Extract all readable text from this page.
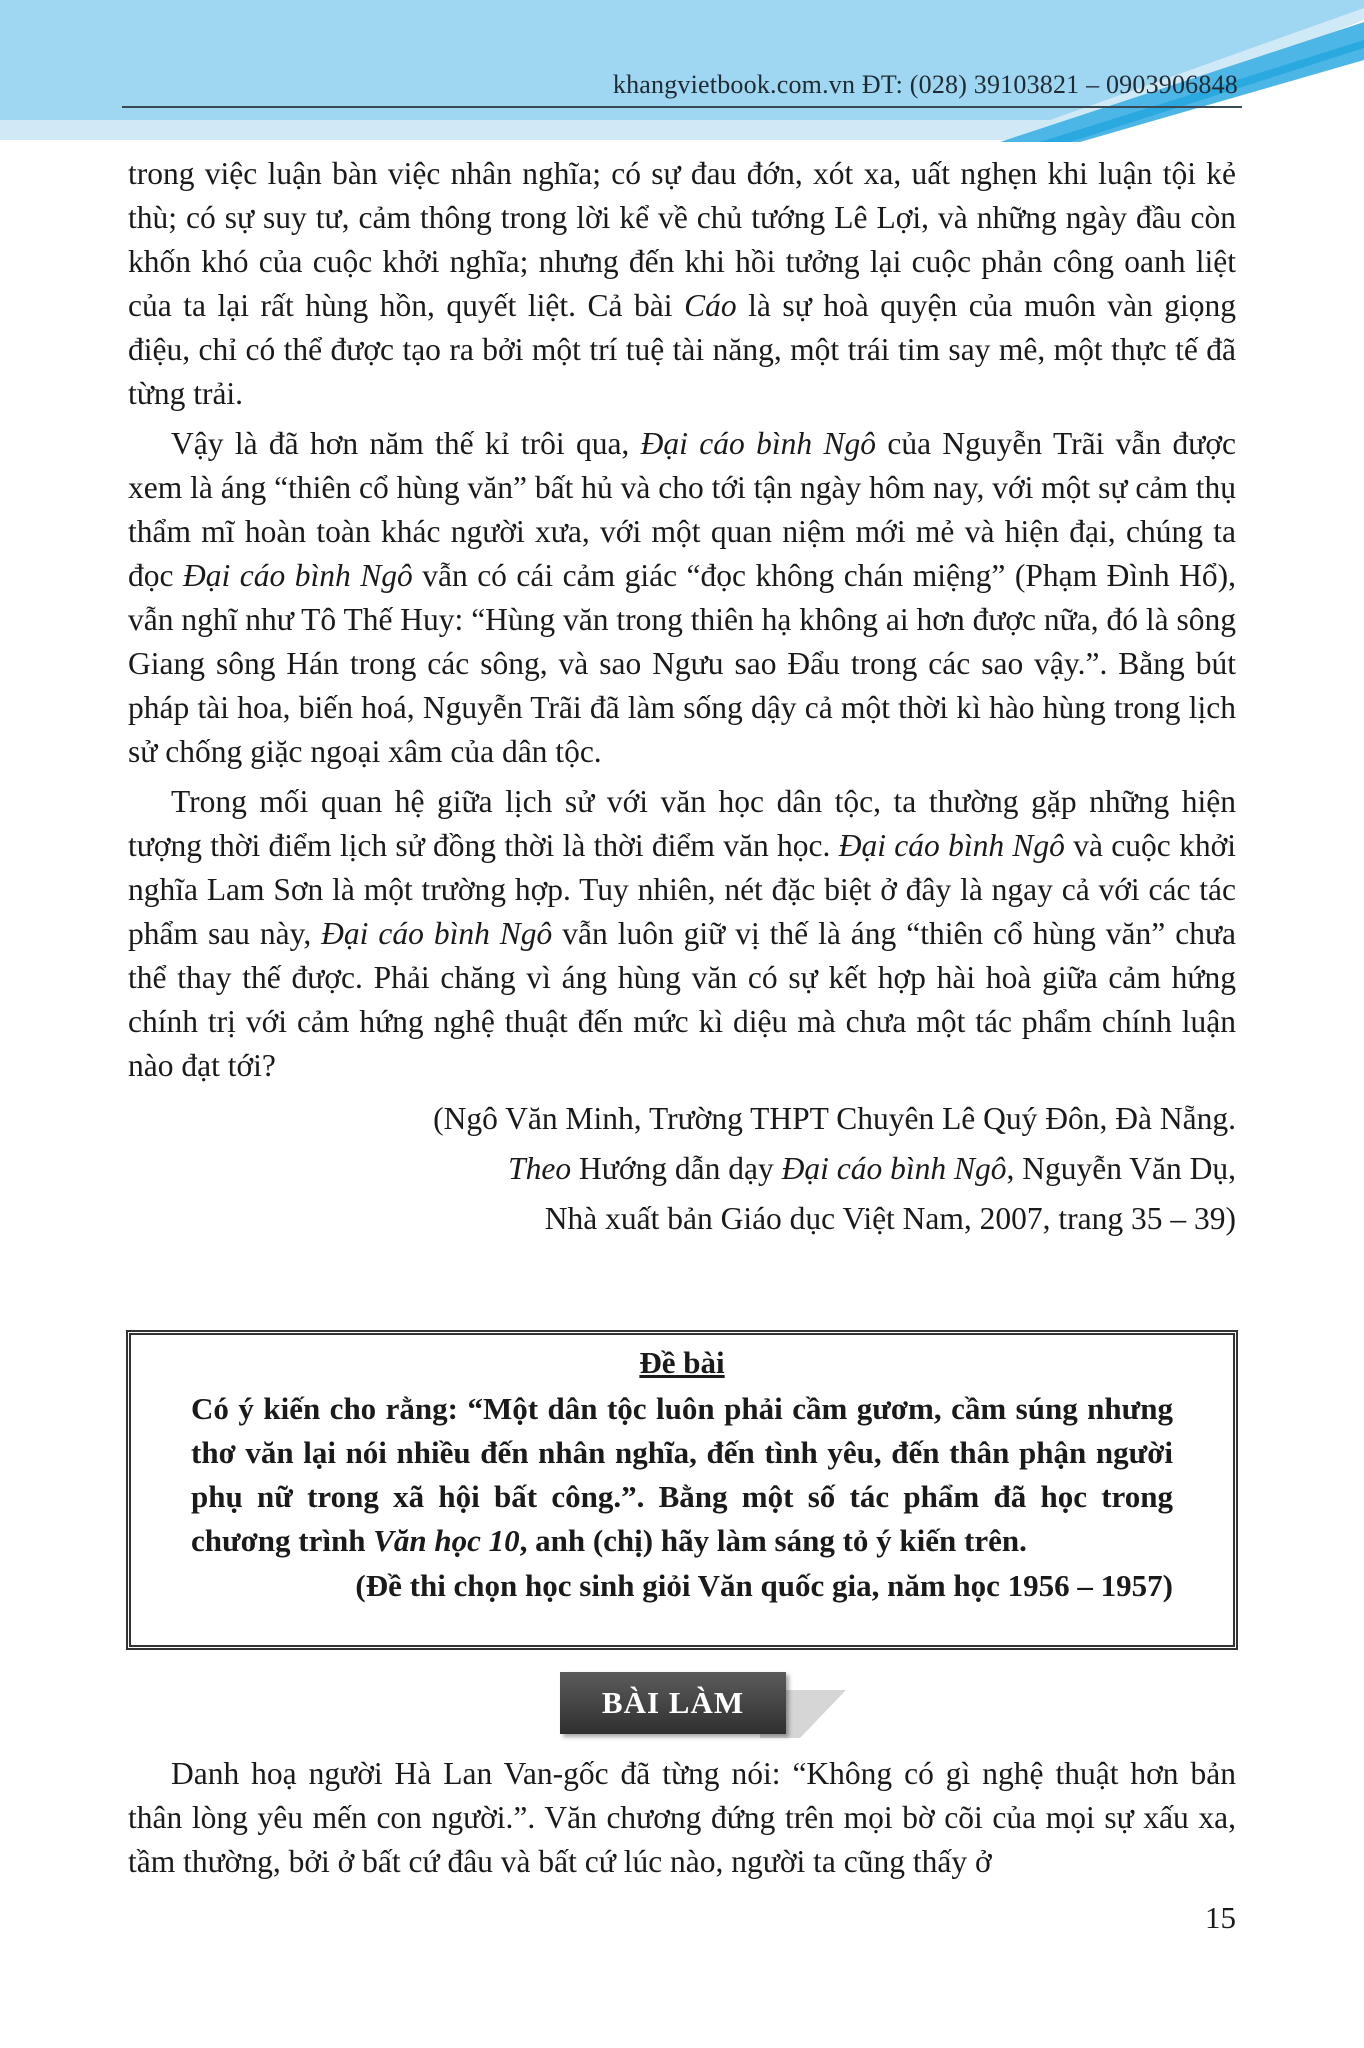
khangvietbook.com.vn ĐT: (028) 39103821 – 0903906848

trong việc luận bàn việc nhân nghĩa; có sự đau đớn, xót xa, uất nghẹn khi luận tội kẻ thù; có sự suy tư, cảm thông trong lời kể về chủ tướng Lê Lợi, và những ngày đầu còn khốn khó của cuộc khởi nghĩa; nhưng đến khi hồi tưởng lại cuộc phản công oanh liệt của ta lại rất hùng hồn, quyết liệt. Cả bài Cáo là sự hoà quyện của muôn vàn giọng điệu, chỉ có thể được tạo ra bởi một trí tuệ tài năng, một trái tim say mê, một thực tế đã từng trải.

Vậy là đã hơn năm thế kỉ trôi qua, Đại cáo bình Ngô của Nguyễn Trãi vẫn được xem là áng “thiên cổ hùng văn” bất hủ và cho tới tận ngày hôm nay, với một sự cảm thụ thẩm mĩ hoàn toàn khác người xưa, với một quan niệm mới mẻ và hiện đại, chúng ta đọc Đại cáo bình Ngô vẫn có cái cảm giác “đọc không chán miệng” (Phạm Đình Hổ), vẫn nghĩ như Tô Thế Huy: “Hùng văn trong thiên hạ không ai hơn được nữa, đó là sông Giang sông Hán trong các sông, và sao Ngưu sao Đẩu trong các sao vậy.”. Bằng bút pháp tài hoa, biến hoá, Nguyễn Trãi đã làm sống dậy cả một thời kì hào hùng trong lịch sử chống giặc ngoại xâm của dân tộc.

Trong mối quan hệ giữa lịch sử với văn học dân tộc, ta thường gặp những hiện tượng thời điểm lịch sử đồng thời là thời điểm văn học. Đại cáo bình Ngô và cuộc khởi nghĩa Lam Sơn là một trường hợp. Tuy nhiên, nét đặc biệt ở đây là ngay cả với các tác phẩm sau này, Đại cáo bình Ngô vẫn luôn giữ vị thế là áng “thiên cổ hùng văn” chưa thể thay thế được. Phải chăng vì áng hùng văn có sự kết hợp hài hoà giữa cảm hứng chính trị với cảm hứng nghệ thuật đến mức kì diệu mà chưa một tác phẩm chính luận nào đạt tới?

(Ngô Văn Minh, Trường THPT Chuyên Lê Quý Đôn, Đà Nẵng.
Theo Hướng dẫn dạy Đại cáo bình Ngô, Nguyễn Văn Dụ,
Nhà xuất bản Giáo dục Việt Nam, 2007, trang 35 – 39)
Đề bài
Có ý kiến cho rằng: “Một dân tộc luôn phải cầm gươm, cầm súng nhưng thơ văn lại nói nhiều đến nhân nghĩa, đến tình yêu, đến thân phận người phụ nữ trong xã hội bất công.”. Bằng một số tác phẩm đã học trong chương trình Văn học 10, anh (chị) hãy làm sáng tỏ ý kiến trên.
(Đề thi chọn học sinh giỏi Văn quốc gia, năm học 1956 – 1957)
BÀI LÀM

Danh hoạ người Hà Lan Van-gốc đã từng nói: “Không có gì nghệ thuật hơn bản thân lòng yêu mến con người.”. Văn chương đứng trên mọi bờ cõi của mọi sự xấu xa, tầm thường, bởi ở bất cứ đâu và bất cứ lúc nào, người ta cũng thấy ở

15
